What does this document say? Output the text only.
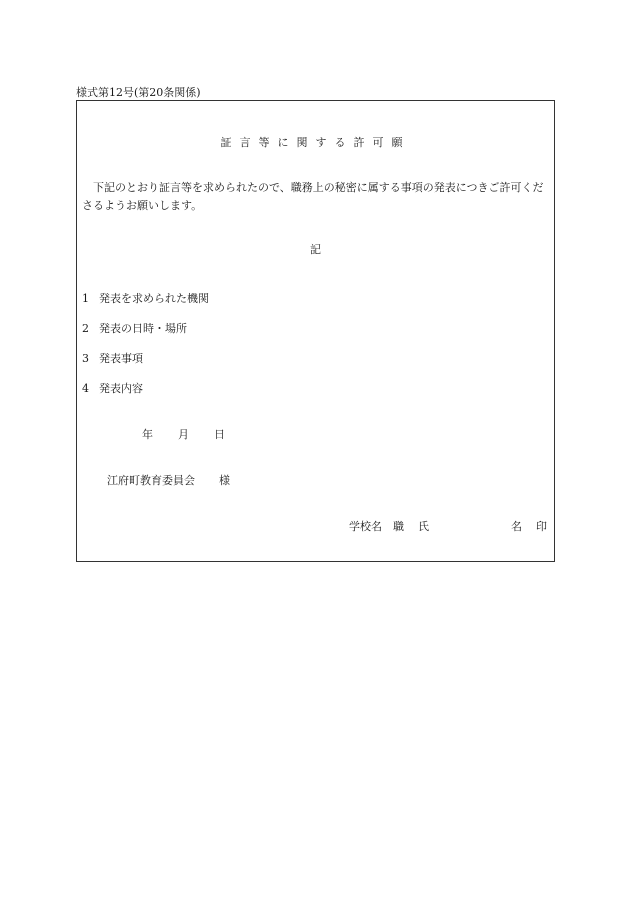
様式第12号(第20条関係)
証言等に関する許可願
下記のとおり証言等を求められたので、職務上の秘密に属する事項の発表につきご許可くださるようお願いします。
記
1 発表を求められた機関
2 発表の日時・場所
3 発表事項
4 発表内容
年 月 日
江府町教育委員会 様
学校名 職 氏	名 印
